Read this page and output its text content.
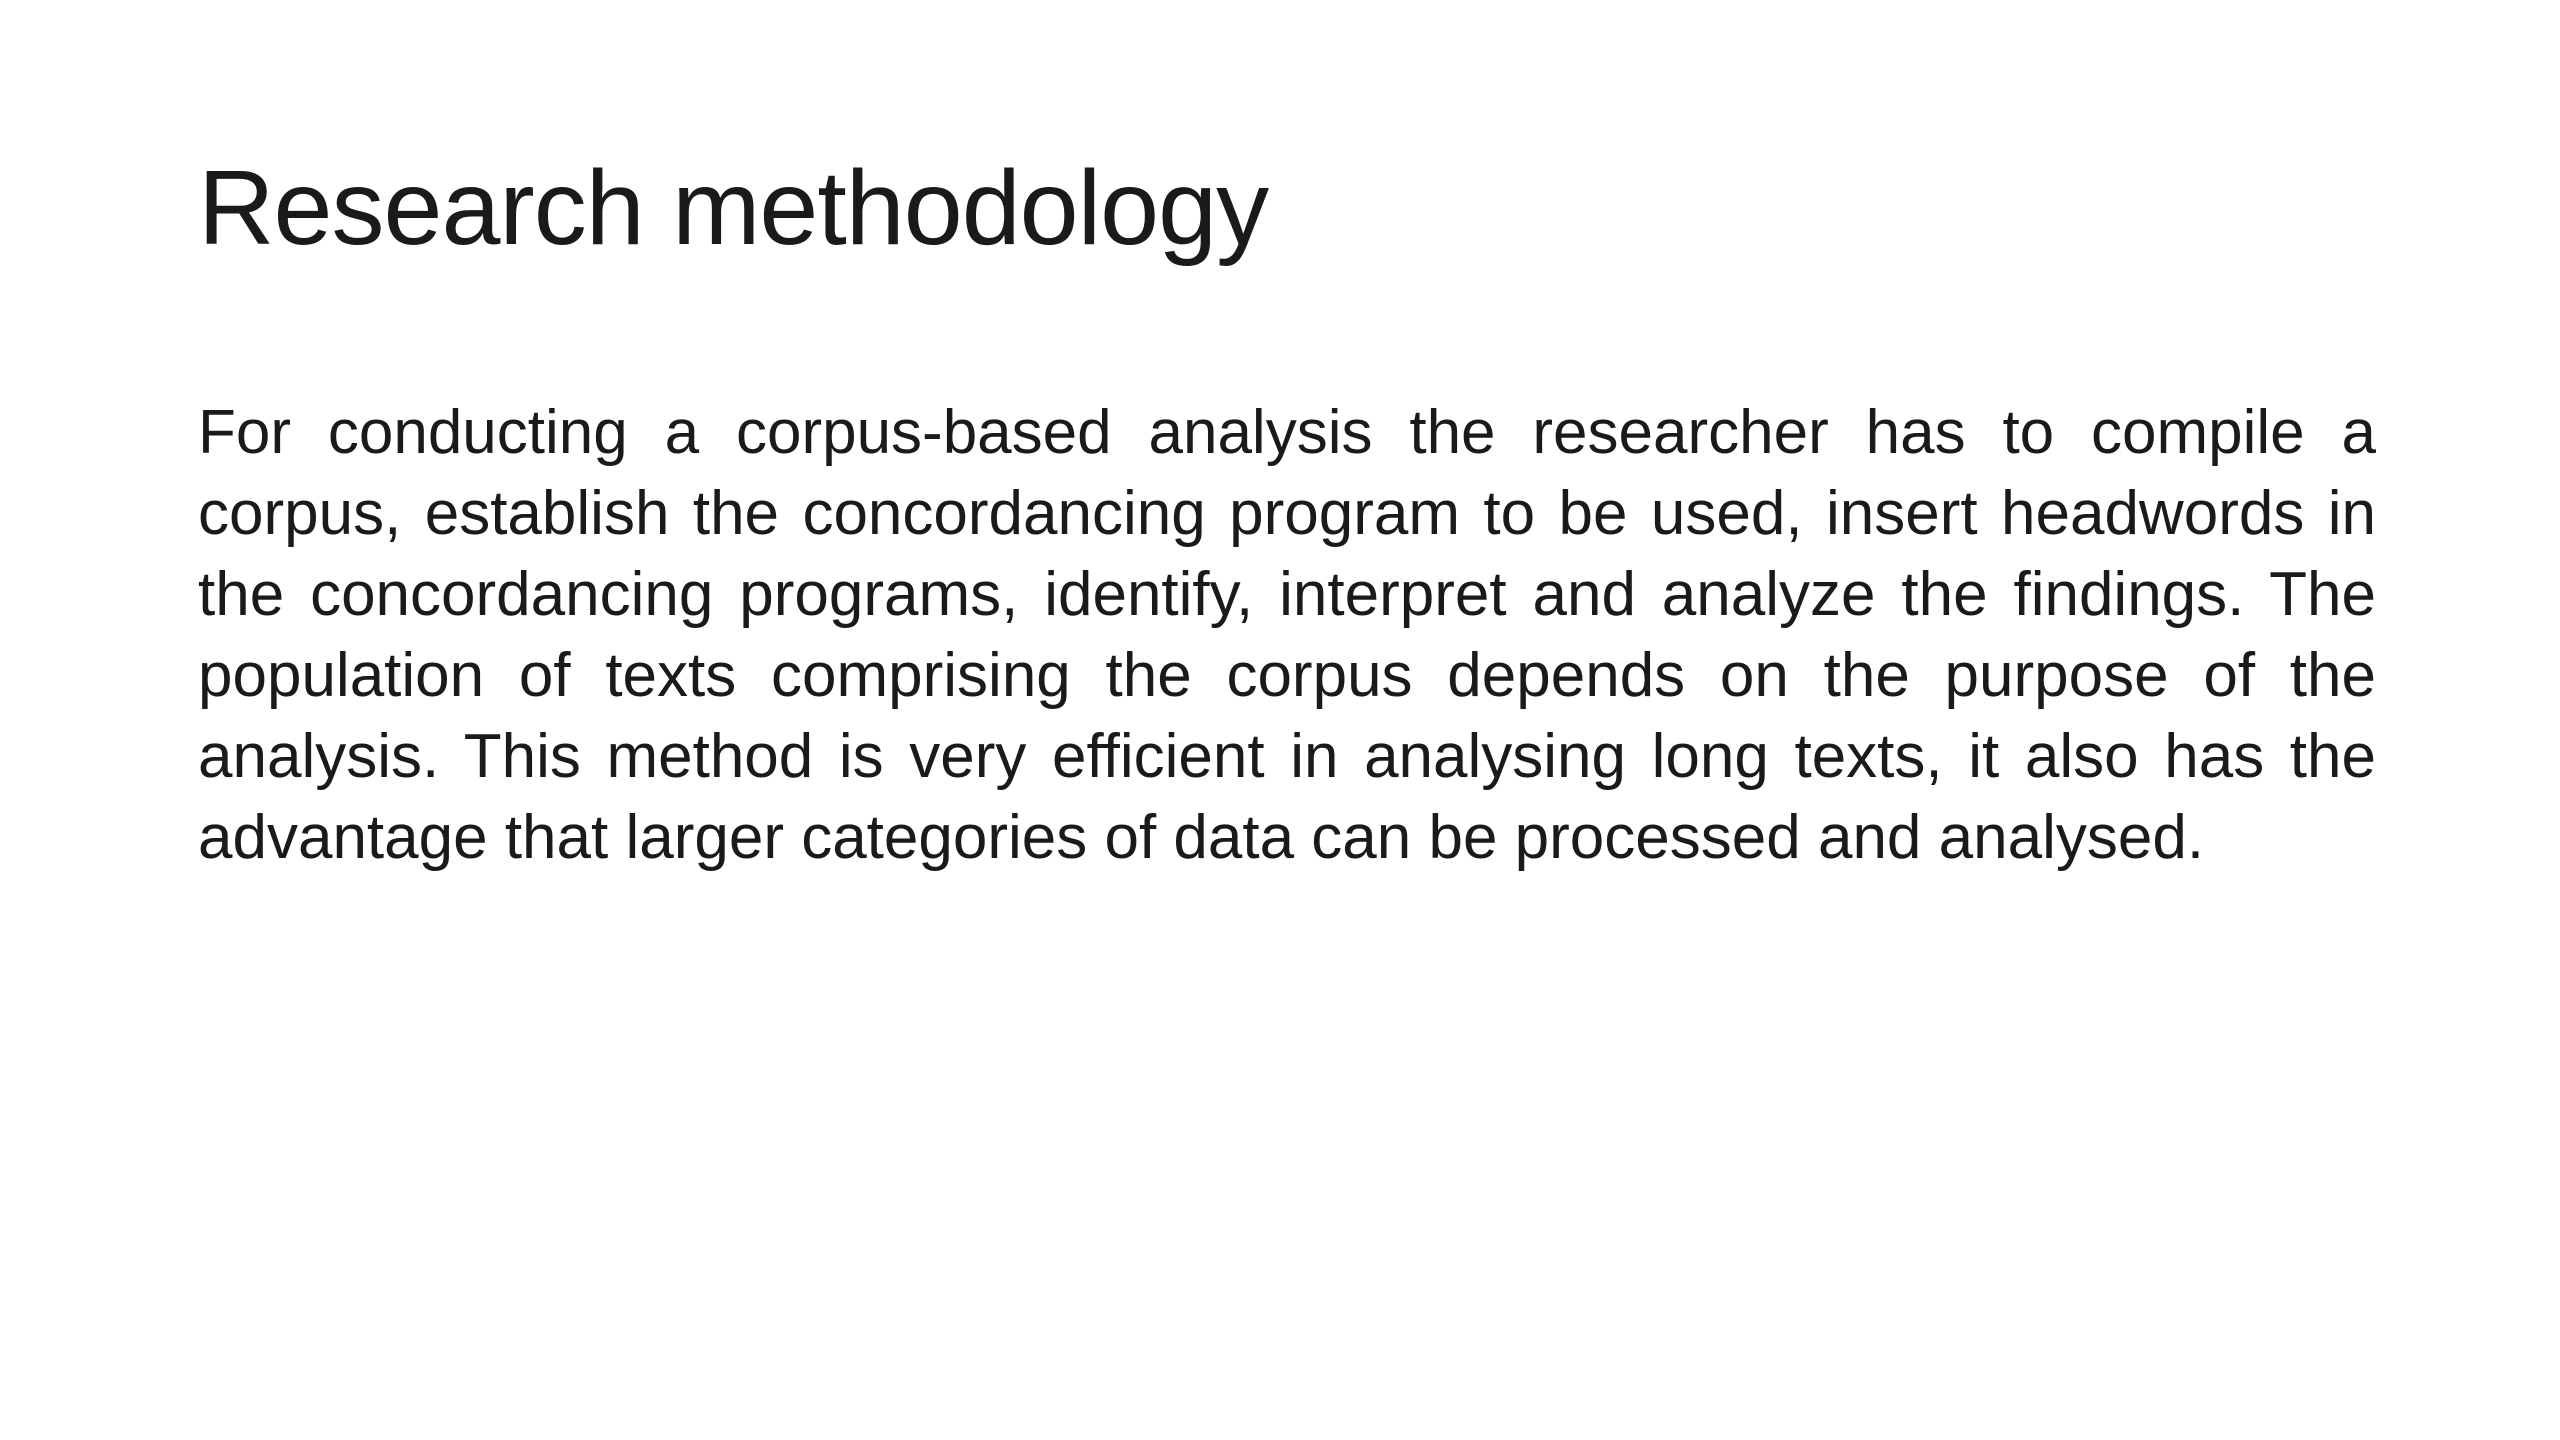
Research methodology

For conducting a corpus-based analysis the researcher has to compile a corpus, establish the concordancing program to be used, insert headwords in the concordancing programs, identify, interpret and analyze the findings. The population of texts comprising the corpus depends on the purpose of the analysis. This method is very efficient in analysing long texts, it also has the advantage that larger categories of data can be processed and analysed.
